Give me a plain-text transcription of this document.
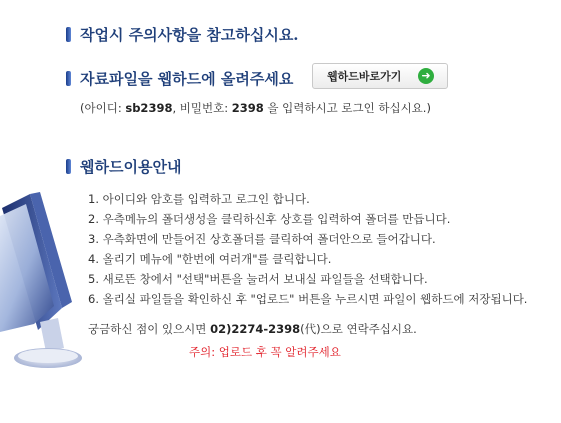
작업시 주의사항을 참고하십시요.
자료파일을 웹하드에 올려주세요	웹하드바로가기	➜
(아이디: sb2398, 비밀번호: 2398 을 입력하시고 로그인 하십시요.)
웹하드이용안내
1. 아이디와 암호를 입력하고 로그인 합니다.
2. 우측메뉴의 폴더생성을 클릭하신후 상호를 입력하여 폴더를 만듭니다.
3. 우측화면에 만들어진 상호폴더를 클릭하여 폴더안으로 들어갑니다.
4. 올리기 메뉴에 "한번에 여러개"를 클릭합니다.
5. 새로뜬 창에서 "선택"버튼을 눌러서 보내실 파일들을 선택합니다.
6. 올리실 파일들을 확인하신 후 "업로드" 버튼을 누르시면 파일이 웹하드에 저장됩니다.
궁금하신 점이 있으시면 02)2274-2398(代)으로 연락주십시요.
주의: 업로드 후 꼭 알려주세요
